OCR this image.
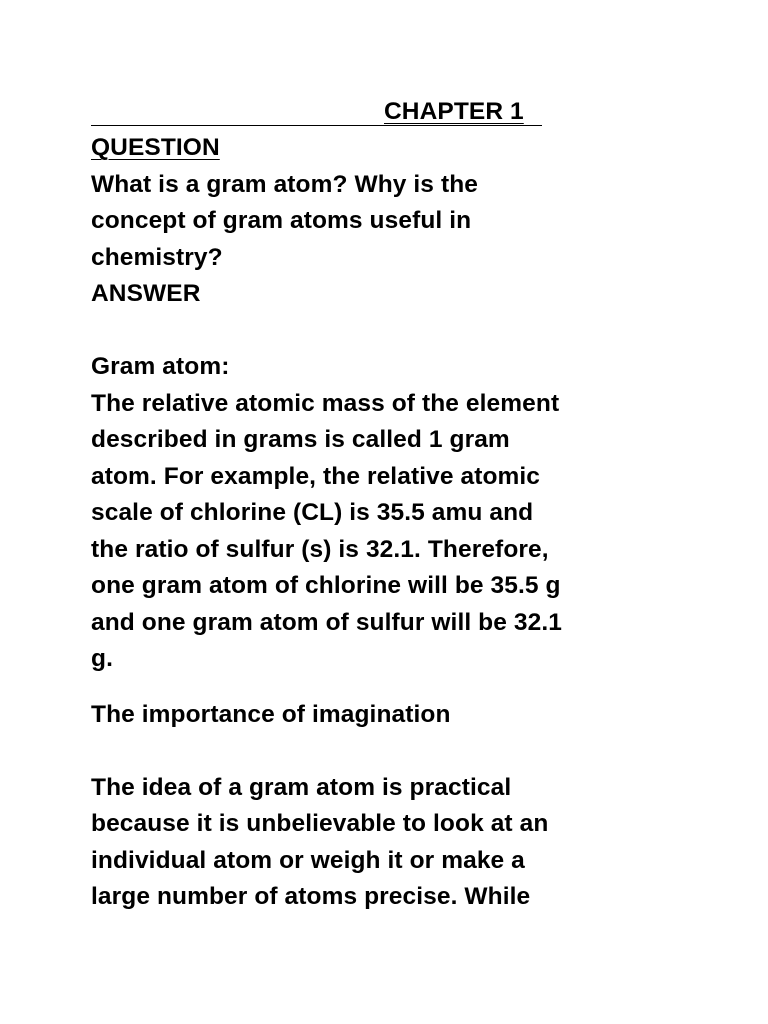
CHAPTER 1
QUESTION
What is a gram atom? Why is the
concept of gram atoms useful in
chemistry?
ANSWER
Gram atom:
The relative atomic mass of the element
described in grams is called 1 gram
atom. For example, the relative atomic
scale of chlorine (CL) is 35.5 amu and
the ratio of sulfur (s) is 32.1. Therefore,
one gram atom of chlorine will be 35.5 g
and one gram atom of sulfur will be 32.1
g.
The importance of imagination
The idea of a gram atom is practical
because it is unbelievable to look at an
individual atom or weigh it or make a
large number of atoms precise. While
